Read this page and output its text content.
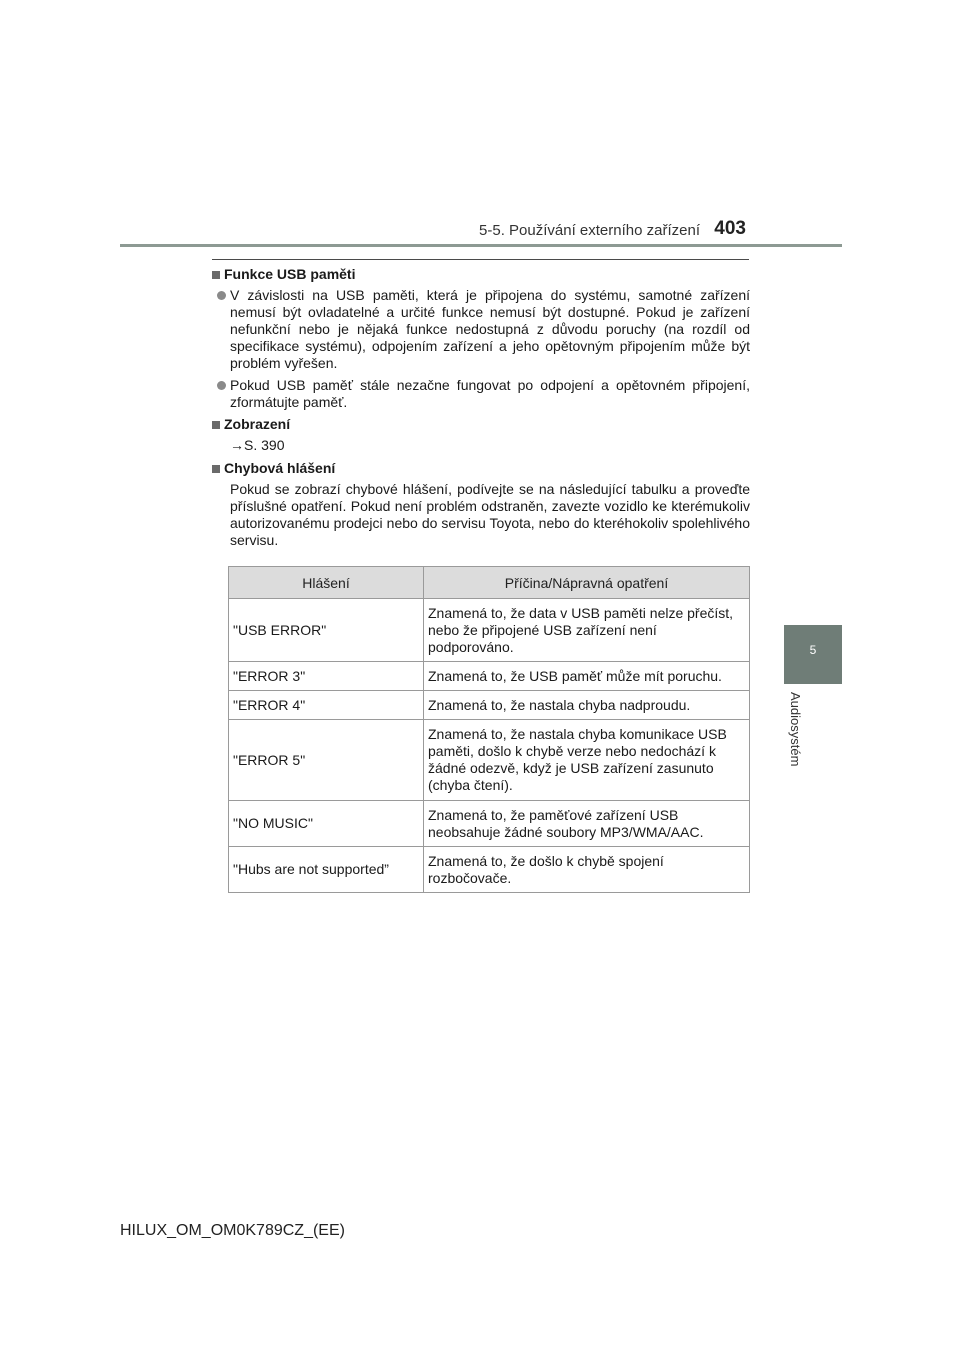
5-5. Používání externího zařízení 403
5
Audiosystém
Funkce USB paměti
V závislosti na USB paměti, která je připojena do systému, samotné zařízení nemusí být ovladatelné a určité funkce nemusí být dostupné. Pokud je zařízení nefunkční nebo je nějaká funkce nedostupná z důvodu poruchy (na rozdíl od specifikace systému), odpojením zařízení a jeho opětovným připojením může být problém vyřešen.
Pokud USB paměť stále nezačne fungovat po odpojení a opětovném připojení, zformátujte paměť.
Zobrazení
→S. 390
Chybová hlášení
Pokud se zobrazí chybové hlášení, podívejte se na následující tabulku a proveďte příslušné opatření. Pokud není problém odstraněn, zavezte vozidlo ke kterémukoliv autorizovanému prodejci nebo do servisu Toyota, nebo do kteréhokoliv spolehlivého servisu.
Hlášení	Příčina/Nápravná opatření
"USB ERROR"	Znamená to, že data v USB paměti nelze přečíst, nebo že připojené USB zařízení není podporováno.
"ERROR 3"	Znamená to, že USB paměť může mít poruchu.
"ERROR 4"	Znamená to, že nastala chyba nadproudu.
"ERROR 5"	Znamená to, že nastala chyba komunikace USB paměti, došlo k chybě verze nebo nedochází k žádné odezvě, když je USB zařízení zasunuto (chyba čtení).
"NO MUSIC"	Znamená to, že paměťové zařízení USB neobsahuje žádné soubory MP3/WMA/AAC.
"Hubs are not supported”	Znamená to, že došlo k chybě spojení rozbočovače.
HILUX_OM_OM0K789CZ_(EE)
